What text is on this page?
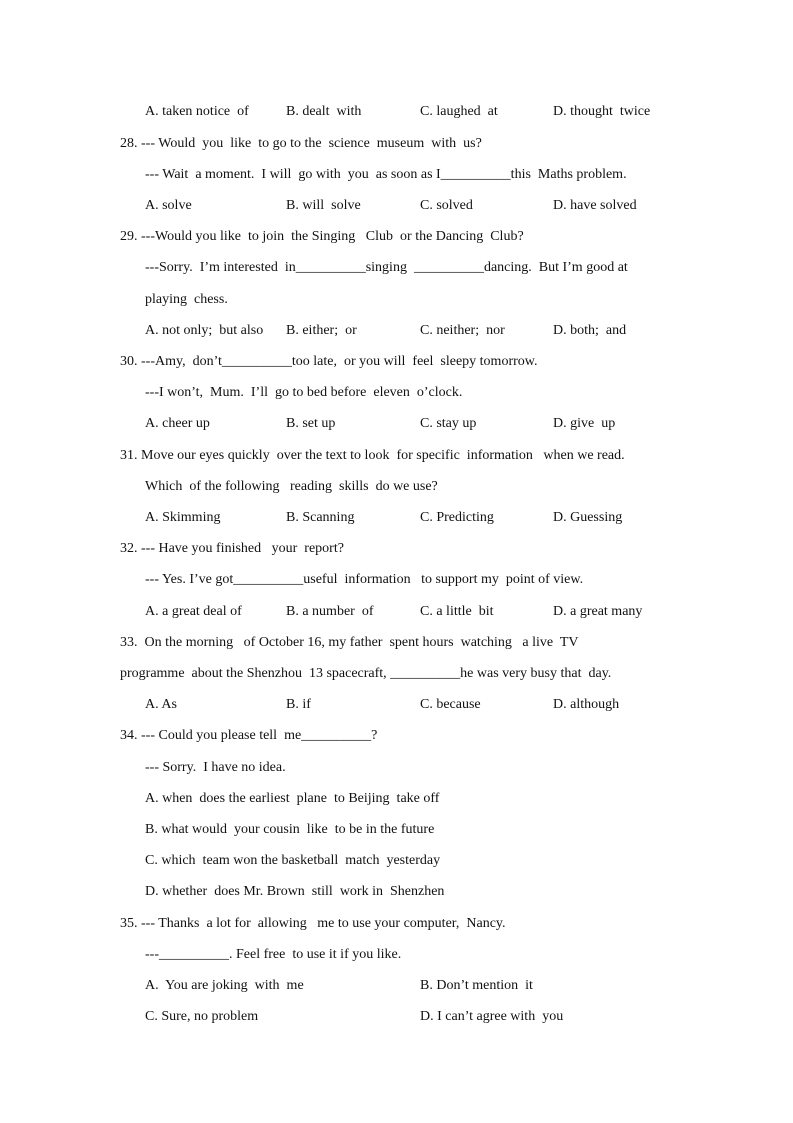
A. taken notice  of	B. dealt  with	C. laughed  at	D. thought  twice
28. --- Would  you  like  to go to the  science  museum  with  us?
--- Wait  a moment.  I will  go with  you  as soon as I__________this  Maths problem.
A. solve	B. will  solve	C. solved	D. have solved
29. ---Would you like  to join  the Singing   Club  or the Dancing  Club?
---Sorry.  I’m interested  in__________singing  __________dancing.  But I’m good at
playing  chess.
A. not only;  but also B. either;  or	C. neither;  nor	D. both;  and
30. ---Amy,  don’t__________too late,  or you will  feel  sleepy tomorrow.
---I won’t,  Mum.  I’ll  go to bed before  eleven  o’clock.
A. cheer up	B. set up	C. stay up	D. give  up
31. Move our eyes quickly  over the text to look  for specific  information   when we read.
Which  of the following   reading  skills  do we use?
A. Skimming	B. Scanning	C. Predicting	D. Guessing
32. --- Have you finished   your  report?
--- Yes. I’ve got__________useful  information   to support my  point of view.
A. a great deal of	B. a number  of	C. a little  bit	D. a great many
33.  On the morning   of October 16, my father  spent hours  watching   a live  TV
programme  about the Shenzhou  13 spacecraft, __________he was very busy that  day.
A. As	B. if	C. because	D. although
34. --- Could you please tell  me__________?
--- Sorry.  I have no idea.
A. when  does the earliest  plane  to Beijing  take off
B. what would  your cousin  like  to be in the future
C. which  team won the basketball  match  yesterday
D. whether  does Mr. Brown  still  work in  Shenzhen
35. --- Thanks  a lot for  allowing   me to use your computer,  Nancy.
---__________. Feel free  to use it if you like.
A.  You are joking  with  me	B. Don’t mention  it
C. Sure, no problem	D. I can’t agree with  you
